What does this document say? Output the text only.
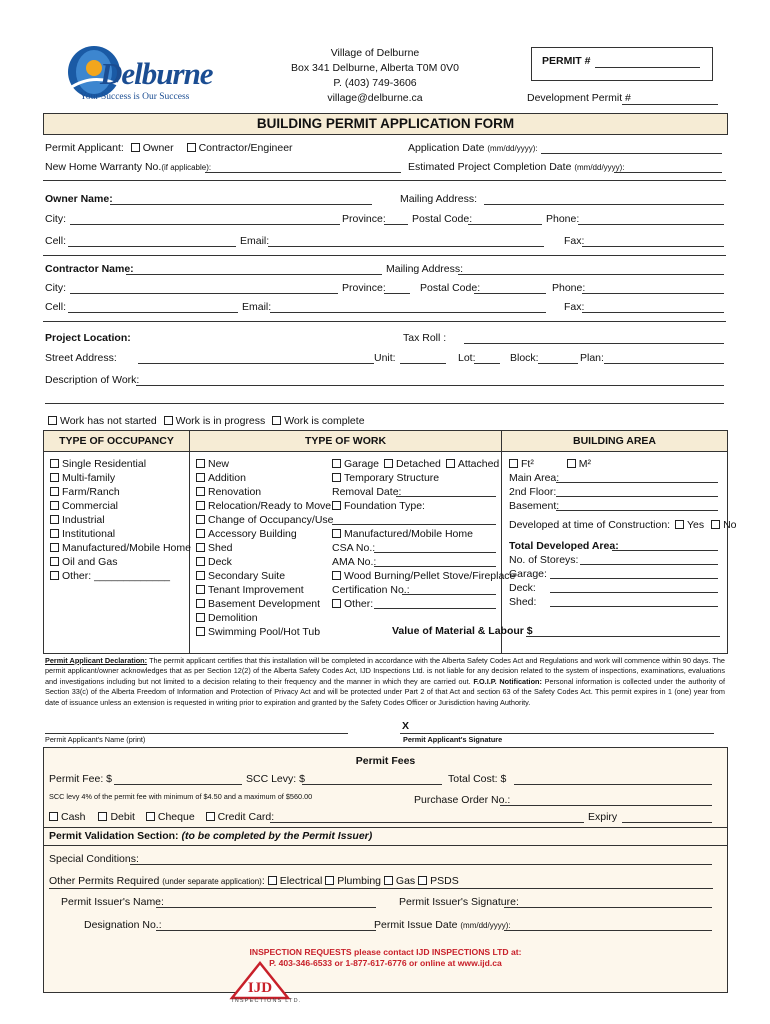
Delburne
Your Success is Our Success
Village of Delburne
Box 341 Delburne, Alberta T0M 0V0
P. (403) 749-3606
village@delburne.ca
PERMIT #
Development Permit #
BUILDING PERMIT APPLICATION FORM
Permit Applicant: Owner Contractor/Engineer	Application Date (mm/dd/yyyy):
New Home Warranty No.(if applicable):	Estimated Project Completion Date (mm/dd/yyyy):
Owner Name:	Mailing Address:
City:	Province: Postal Code:	Phone:
Cell:	Email:	Fax:
Contractor Name:	Mailing Address:
City:	Province:	Postal Code:	Phone:
Cell:	Email:	Fax:
Project Location:	Tax Roll :
Street Address:	Unit:	Lot:	Block:	Plan:
Description of Work:
Work has not started Work is in progress Work is complete
TYPE OF OCCUPANCY	TYPE OF WORK	BUILDING AREA
Single Residential
Multi-family
Farm/Ranch
Commercial
Industrial
Institutional
Manufactured/Mobile Home
Oil and Gas
Other: _____________
New
Addition
Renovation
Relocation/Ready to Move
Change of Occupancy/Use
Accessory Building
Shed
Deck
Secondary Suite
Tenant Improvement
Basement Development
Demolition
Swimming Pool/Hot Tub
Garage Detached Attached
Temporary Structure
Removal Date:
Foundation Type:
Manufactured/Mobile Home
CSA No.:
AMA No.:
Wood Burning/Pellet Stove/Fireplace
Certification No.:
Other:
Value of Material & Labour $
Ft²	M²
Main Area:
2nd Floor:
Basement:
Developed at time of Construction: Yes No
Total Developed Area:
No. of Storeys:
Garage:
Deck:
Shed:
Permit Applicant Declaration: The permit applicant certifies that this installation will be completed in accordance with the Alberta Safety Codes Act and Regulations and work will commence within 90 days. The permit applicant/owner acknowledges that as per Section 12(2) of the Alberta Safety Codes Act, IJD Inspections Ltd. is not liable for any decision related to the system of inspections, examinations, evaluations and investigations including but not limited to a decision relating to their frequency and the manner in which they are carried out. F.O.I.P. Notification: Personal information is collected under the authority of Section 33(c) of the Alberta Freedom of Information and Protection of Privacy Act and will be protected under Part 2 of that Act and section 63 of the Safety Codes Act. This permit expires in 1 (one) year from date of issuance unless an extension is requested in writing prior to expiration and granted by the Safety Codes Officer or Jurisdiction having Authority.
Permit Applicant's Name (print)
X
Permit Applicant's Signature
Permit Fees
Permit Fee: $	SCC Levy: $	Total Cost: $
SCC levy 4% of the permit fee with minimum of $4.50 and a maximum of $560.00	Purchase Order No.:
Cash Debit Cheque Credit Card:	Expiry
Permit Validation Section: (to be completed by the Permit Issuer)
Special Conditions:
Other Permits Required (under separate application): Electrical Plumbing Gas PSDS
Permit Issuer's Name:	Permit Issuer's Signature:
Designation No.:	Permit Issue Date (mm/dd/yyyy):
INSPECTION REQUESTS please contact IJD INSPECTIONS LTD at:
P. 403-346-6533 or 1-877-617-6776 or online at www.ijd.ca
IJD
INSPECTIONS LTD.
